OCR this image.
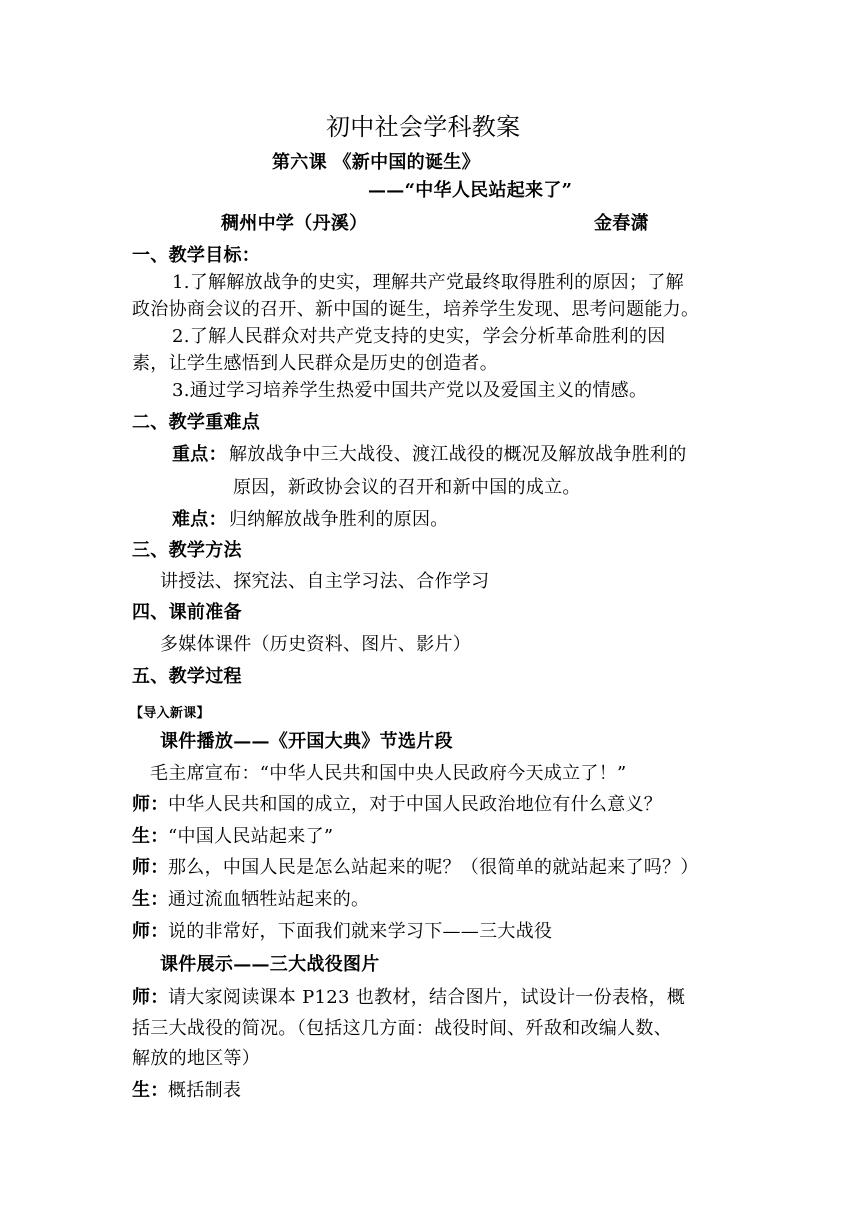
初中社会学科教案
第六课 《新中国的诞生》
——“中华人民站起来了”
稠州中学（丹溪）	金春潇
一、教学目标：
1.了解解放战争的史实，理解共产党最终取得胜利的原因；了解
政治协商会议的召开、新中国的诞生，培养学生发现、思考问题能力。
2.了解人民群众对共产党支持的史实，学会分析革命胜利的因
素，让学生感悟到人民群众是历史的创造者。
3.通过学习培养学生热爱中国共产党以及爱国主义的情感。
二、教学重难点
重点： 解放战争中三大战役、渡江战役的概况及解放战争胜利的
原因，新政协会议的召开和新中国的成立。
难点： 归纳解放战争胜利的原因。
三、教学方法
讲授法、探究法、自主学习法、合作学习
四、课前准备
多媒体课件（历史资料、图片、影片）
五、教学过程
【导入新课】
课件播放——《开国大典》节选片段
毛主席宣布：“中华人民共和国中央人民政府今天成立了！”
师： 中华人民共和国的成立，对于中国人民政治地位有什么意义？
生： “中国人民站起来了”
师： 那么，中国人民是怎么站起来的呢？（很简单的就站起来了吗？）
生： 通过流血牺牲站起来的。
师： 说的非常好，下面我们就来学习下——三大战役
课件展示——三大战役图片
师： 请大家阅读课本 P123 也教材，结合图片，试设计一份表格，概
括三大战役的简况。（包括这几方面：战役时间、歼敌和改编人数、
解放的地区等）
生： 概括制表
